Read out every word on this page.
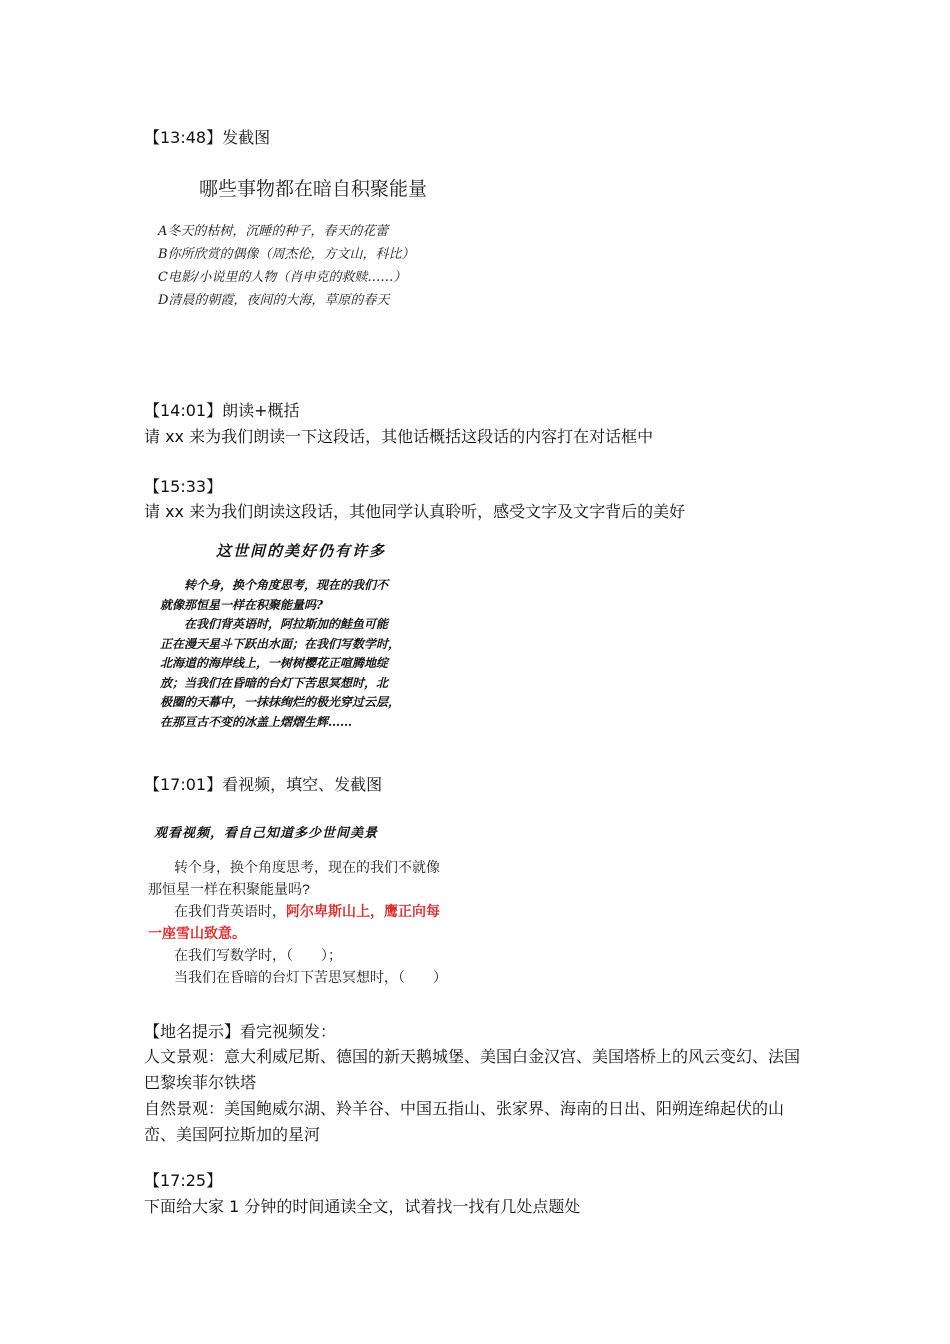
【13:48】发截图
哪些事物都在暗自积聚能量
A冬天的枯树，沉睡的种子，春天的花蕾
B你所欣赏的偶像（周杰伦，方文山，科比）
C电影/小说里的人物（肖申克的救赎……）
D清晨的朝霞，夜间的大海，草原的春天
【14:01】朗读+概括
请 xx 来为我们朗读一下这段话，其他话概括这段话的内容打在对话框中
【15:33】
请 xx 来为我们朗读这段话，其他同学认真聆听，感受文字及文字背后的美好
这世间的美好仍有许多
转个身，换个角度思考，现在的我们不
就像那恒星一样在积聚能量吗?
在我们背英语时，阿拉斯加的鲑鱼可能
正在漫天星斗下跃出水面；在我们写数学时，
北海道的海岸线上，一树树樱花正喧腾地绽
放；当我们在昏暗的台灯下苦思冥想时，北
极圈的天幕中，一抹抹绚烂的极光穿过云层，
在那亘古不变的冰盖上熠熠生辉……
【17:01】看视频，填空、发截图
观看视频，看自己知道多少世间美景
转个身，换个角度思考，现在的我们不就像
那恒星一样在积聚能量吗?
在我们背英语时，阿尔卑斯山上，鹰正向每
一座雪山致意。
在我们写数学时，（　　）；
当我们在昏暗的台灯下苦思冥想时，（　　）
【地名提示】看完视频发：
人文景观：意大利威尼斯、德国的新天鹅城堡、美国白金汉宫、美国塔桥上的风云变幻、法国巴黎埃菲尔铁塔
自然景观：美国鲍威尔湖、羚羊谷、中国五指山、张家界、海南的日出、阳朔连绵起伏的山峦、美国阿拉斯加的星河
【17:25】
下面给大家 1 分钟的时间通读全文，试着找一找有几处点题处
